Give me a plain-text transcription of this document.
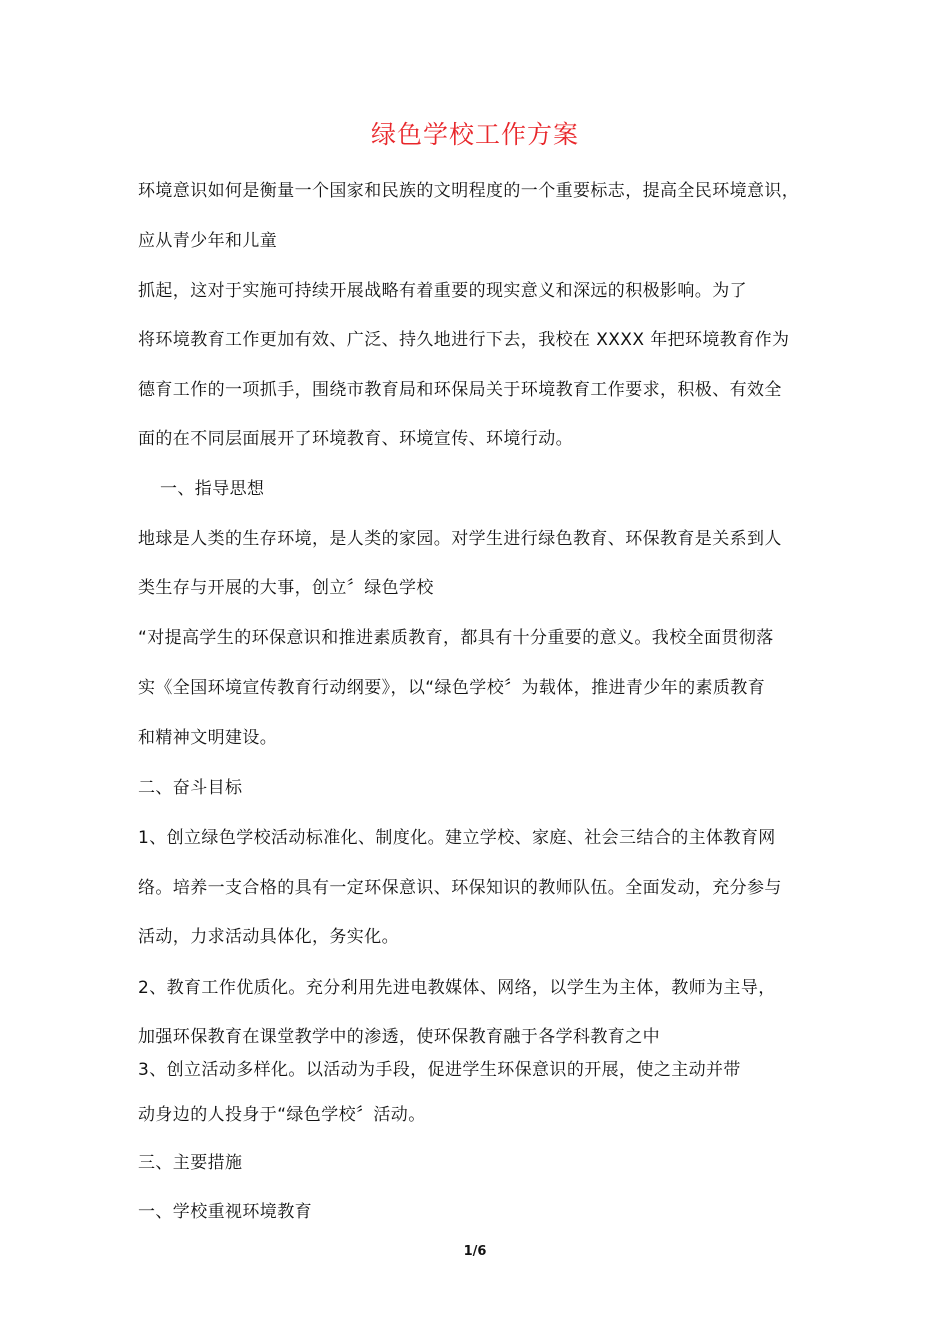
绿色学校工作方案
环境意识如何是衡量一个国家和民族的文明程度的一个重要标志，提高全民环境意识，
应从青少年和儿童
抓起，这对于实施可持续开展战略有着重要的现实意义和深远的积极影响。为了
将环境教育工作更加有效、广泛、持久地进行下去，我校在 XXXX 年把环境教育作为
德育工作的一项抓手，围绕市教育局和环保局关于环境教育工作要求，积极、有效全
面的在不同层面展开了环境教育、环境宣传、环境行动。
一、指导思想
地球是人类的生存环境，是人类的家园。对学生进行绿色教育、环保教育是关系到人
类生存与开展的大事，创立〞绿色学校
“对提高学生的环保意识和推进素质教育，都具有十分重要的意义。我校全面贯彻落
实《全国环境宣传教育行动纲要》，以“绿色学校〞为载体，推进青少年的素质教育
和精神文明建设。
二、奋斗目标
1、创立绿色学校活动标准化、制度化。建立学校、家庭、社会三结合的主体教育网
络。培养一支合格的具有一定环保意识、环保知识的教师队伍。全面发动，充分参与
活动，力求活动具体化，务实化。
2、教育工作优质化。充分利用先进电教媒体、网络，以学生为主体，教师为主导，
加强环保教育在课堂教学中的渗透，使环保教育融于各学科教育之中
3、创立活动多样化。以活动为手段，促进学生环保意识的开展，使之主动并带
动身边的人投身于“绿色学校〞活动。
三、主要措施
一、学校重视环境教育
1/6
